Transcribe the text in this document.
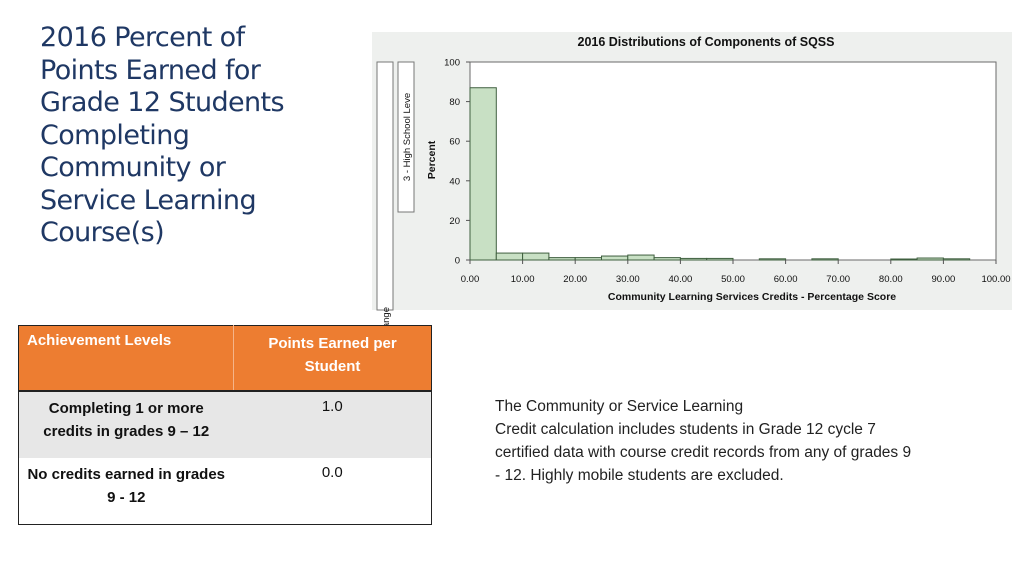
2016 Percent of
Points Earned for
Grade 12 Students
Completing
Community or
Service Learning
Course(s)
2016 Distributions of Components of SQSS
3 - High School Leve
0
20
40
60
80
100
0.00	10.00	20.00	30.00	40.00	50.00	60.00	70.00	80.00	90.00	100.00
Percent
Community Learning Services Credits - Percentage Score
Achievement Levels	Points Earned per
Student
Completing 1 or more credits in grades 9 – 12	1.0
No credits earned in grades 9 - 12	0.0
The Community or Service Learning
Credit calculation includes students in Grade 12 cycle 7
certified data with course credit records from any of grades 9
- 12. Highly mobile students are excluded.
